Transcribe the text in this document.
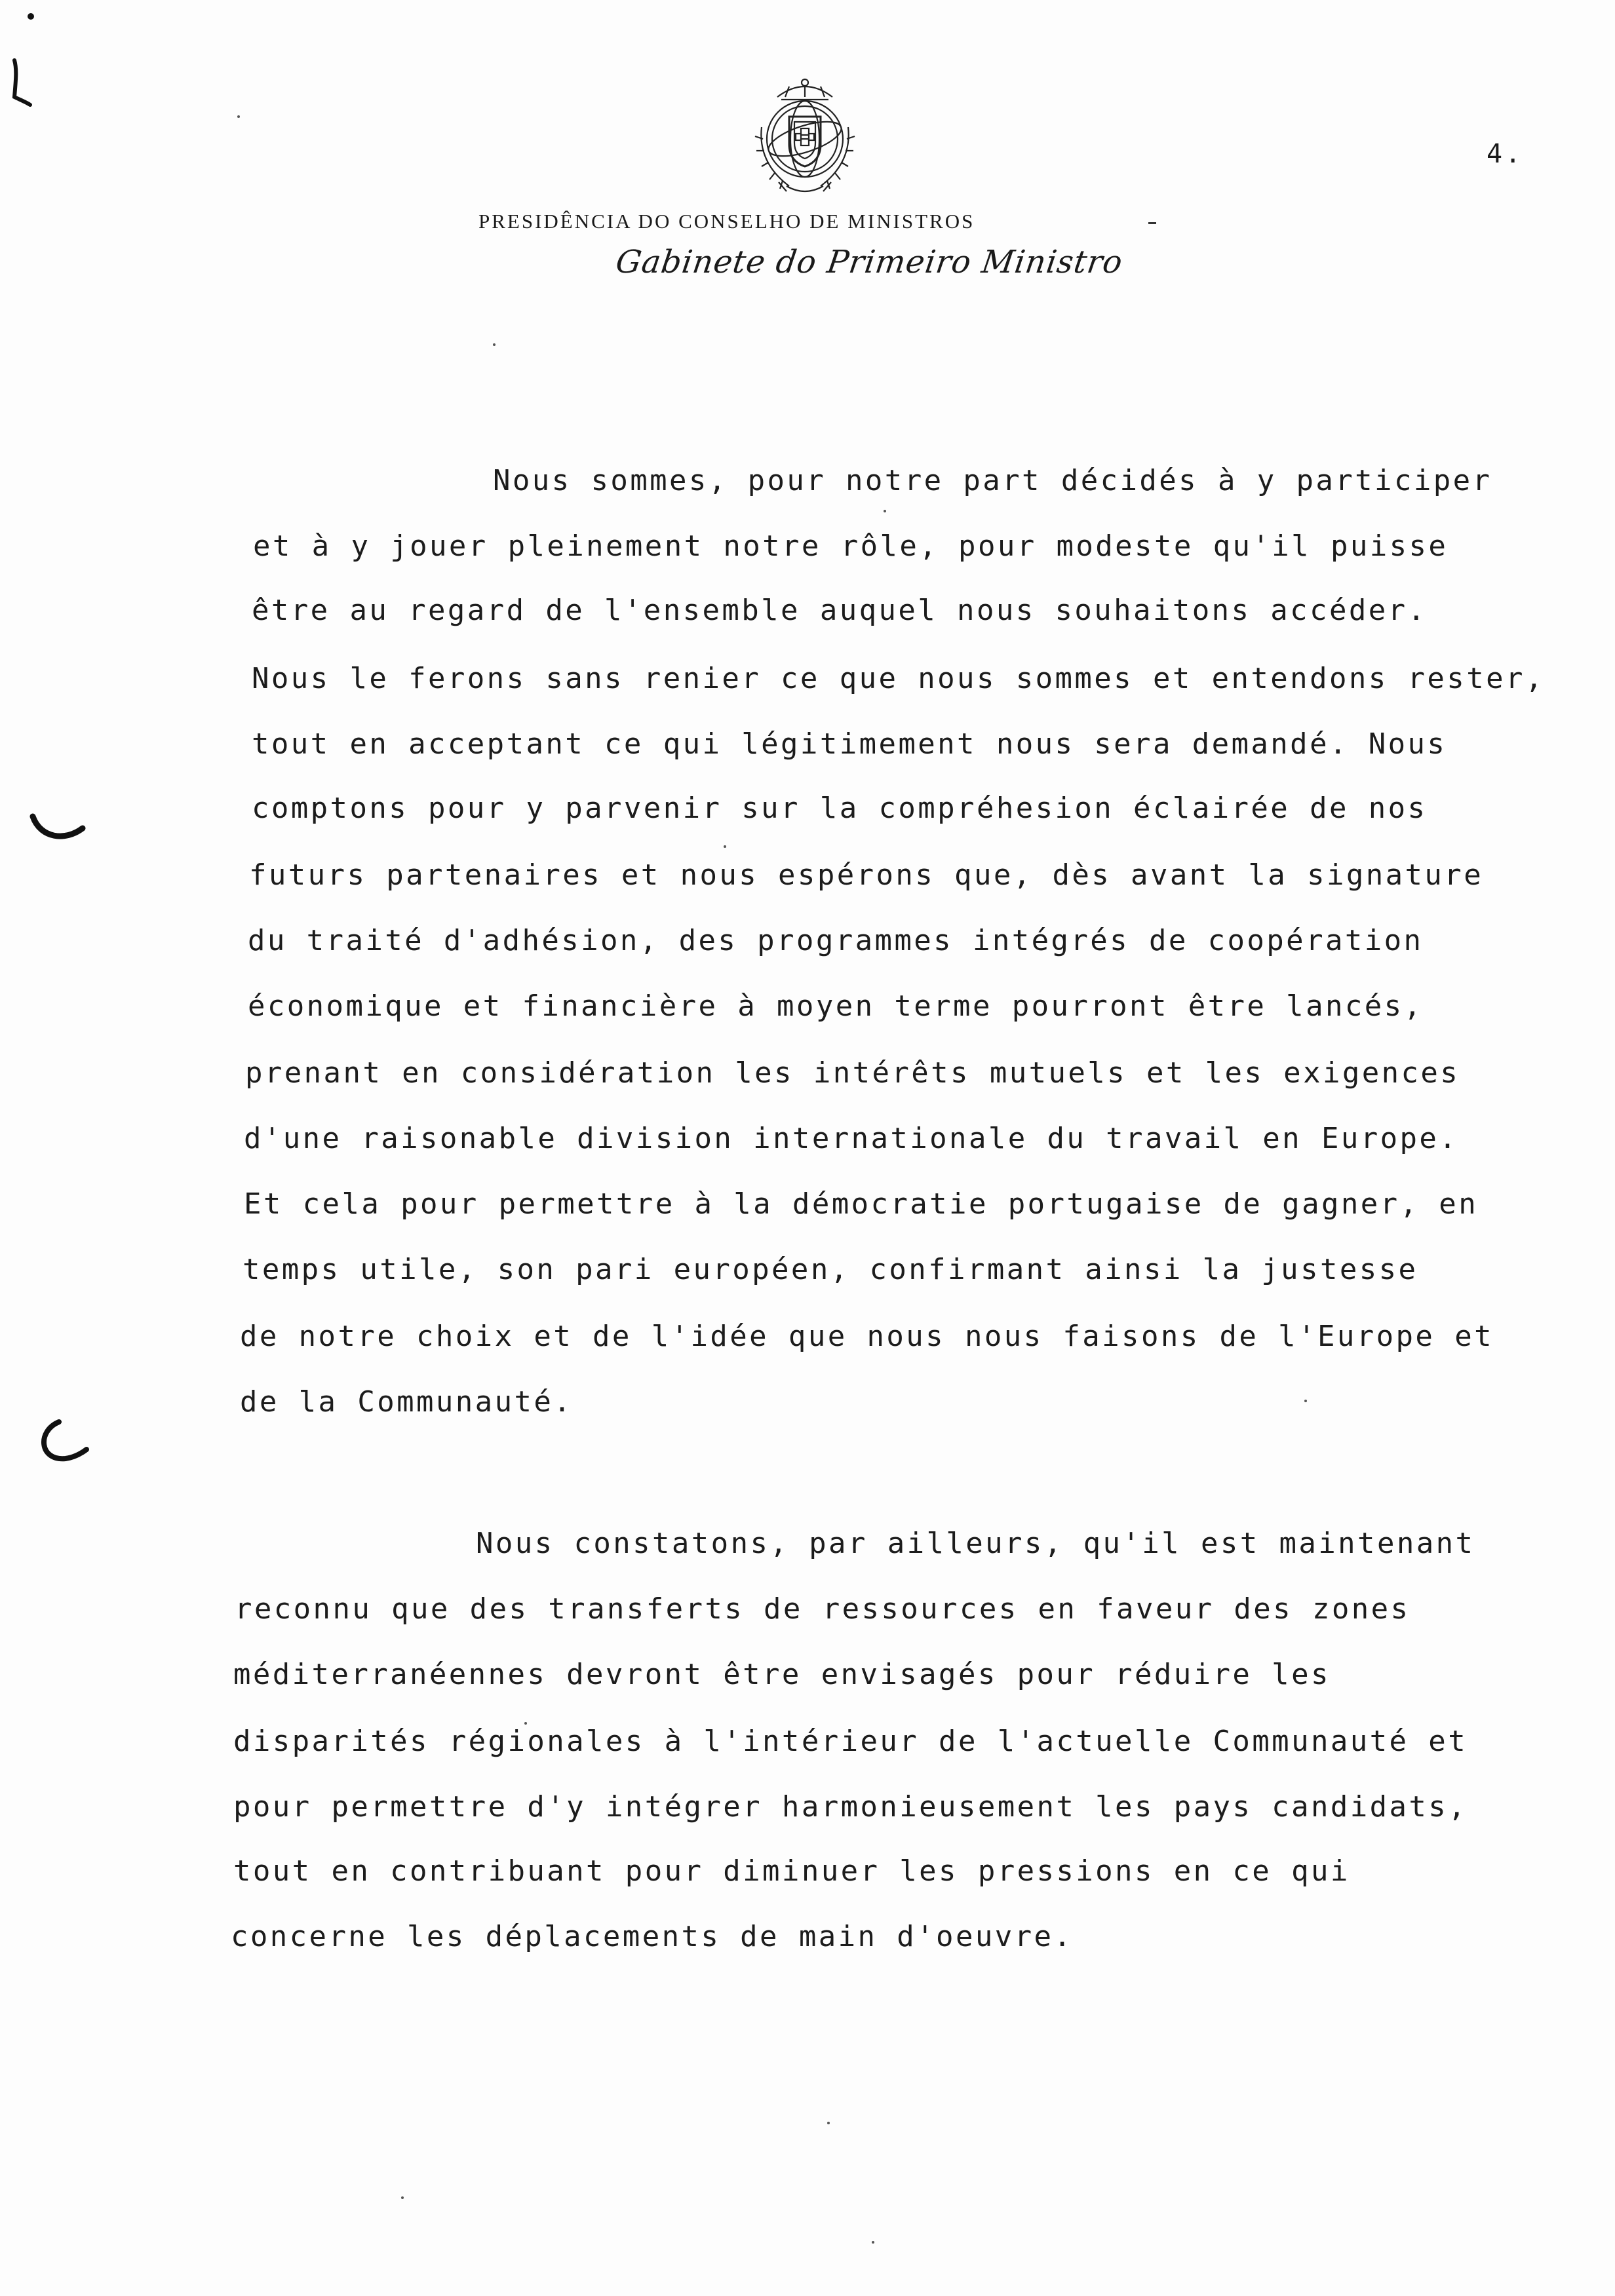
4.
PRESIDÊNCIA DO CONSELHO DE MINISTROS
Gabinete do Primeiro Ministro
Nous sommes, pour notre part décidés à y participer
et à y jouer pleinement notre rôle, pour modeste qu'il puisse
être au regard de l'ensemble auquel nous souhaitons accéder.
Nous le ferons sans renier ce que nous sommes et entendons rester,
tout en acceptant ce qui légitimement nous sera demandé. Nous
comptons pour y parvenir sur la compréhesion éclairée de nos
futurs partenaires et nous espérons que, dès avant la signature
du traité d'adhésion, des programmes intégrés de coopération
économique et financière à moyen terme pourront être lancés,
prenant en considération les intérêts mutuels et les exigences
d'une raisonable division internationale du travail en Europe.
Et cela pour permettre à la démocratie portugaise de gagner, en
temps utile, son pari européen, confirmant ainsi la justesse
de notre choix et de l'idée que nous nous faisons de l'Europe et
de la Communauté.
Nous constatons, par ailleurs, qu'il est maintenant
reconnu que des transferts de ressources en faveur des zones
méditerranéennes devront être envisagés pour réduire les
disparités régionales à l'intérieur de l'actuelle Communauté et
pour permettre d'y intégrer harmonieusement les pays candidats,
tout en contribuant pour diminuer les pressions en ce qui
concerne les déplacements de main d'oeuvre.
